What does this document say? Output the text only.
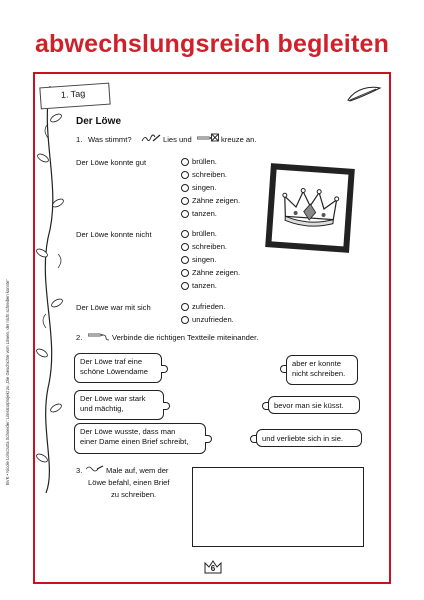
abwechslungsreich begleiten
1. Tag
Der Löwe
1. Was stimmt?	Lies und	kreuze an.
Der Löwe konnte gut	brüllen.
schreiben.
singen.
Zähne zeigen.
tanzen.
Der Löwe konnte nicht	brüllen.
schreiben.
singen.
Zähne zeigen.
tanzen.
Der Löwe war mit sich	zufrieden.
unzufrieden.
2.	Verbinde die richtigen Textteile miteinander.
Der Löwe traf eine
schöne Löwendame
Der Löwe war stark
und mächtig,
Der Löwe wusste, dass man
einer Dame einen Brief schreibt,
aber er konnte
nicht schreiben.
bevor man sie küsst.
und verliebte sich in sie.
3.	Male auf, wem der
Löwe befahl, einen Brief
zu schreiben.
6
BVK • Nicole Lohr/Jutta Schneider: Literaturprojekt zu „Die Geschichte vom Löwen, der nicht schreiben konnte“
